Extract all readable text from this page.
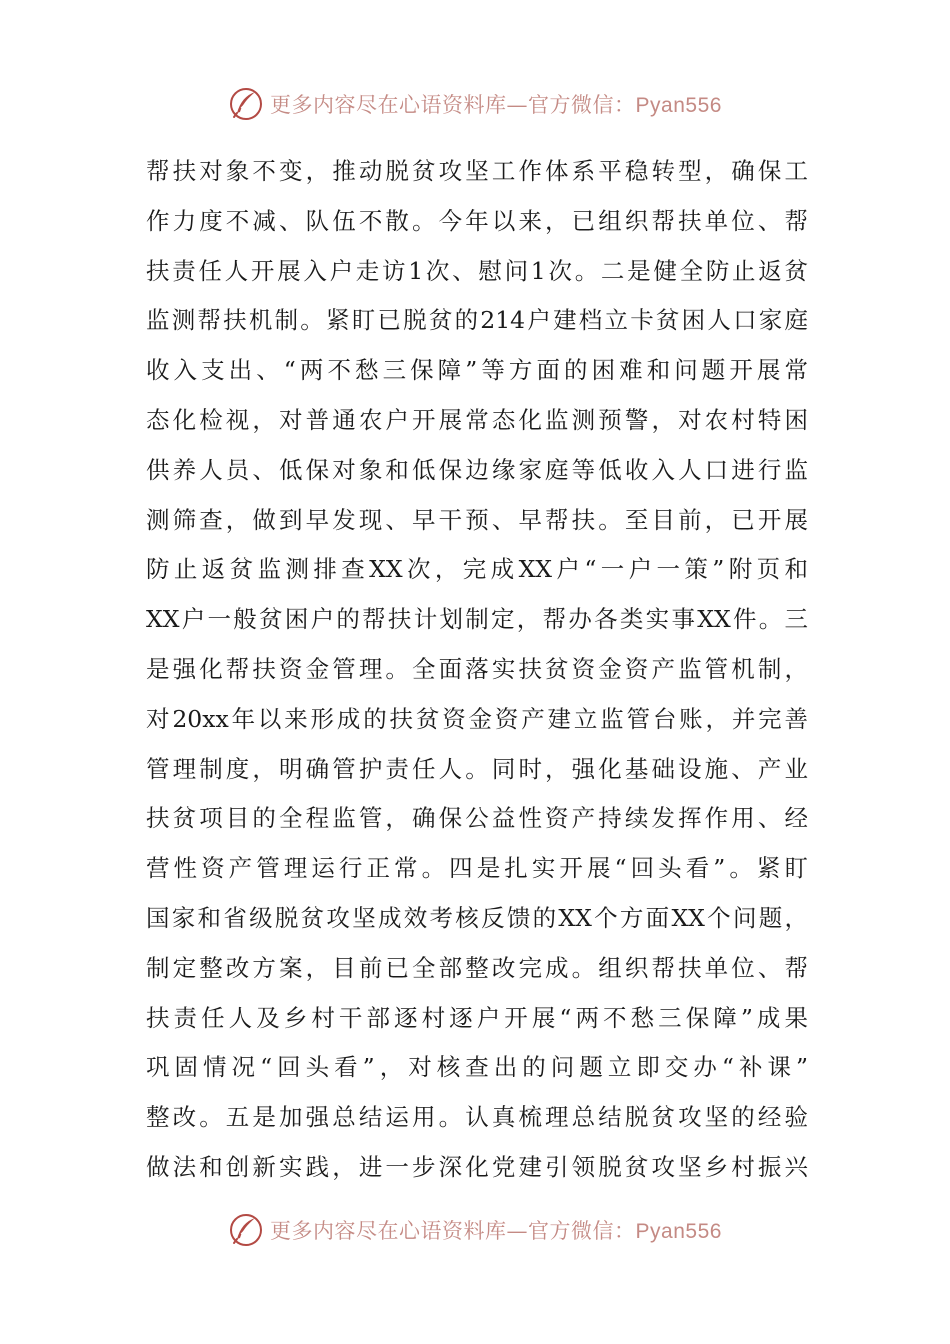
更多内容尽在心语资料库—官方微信：Pyan556
帮扶对象不变，推动脱贫攻坚工作体系平稳转型，确保工
作力度不减、队伍不散。今年以来，已组织帮扶单位、帮
扶责任人开展入户走访1次、慰问1次。二是健全防止返贫
监测帮扶机制。紧盯已脱贫的214户建档立卡贫困人口家庭
收入支出、“两不愁三保障”等方面的困难和问题开展常
态化检视，对普通农户开展常态化监测预警，对农村特困
供养人员、低保对象和低保边缘家庭等低收入人口进行监
测筛查，做到早发现、早干预、早帮扶。至目前，已开展
防止返贫监测排查XX次，完成XX户“一户一策”附页和
XX户一般贫困户的帮扶计划制定，帮办各类实事XX件。三
是强化帮扶资金管理。全面落实扶贫资金资产监管机制，
对20xx年以来形成的扶贫资金资产建立监管台账，并完善
管理制度，明确管护责任人。同时，强化基础设施、产业
扶贫项目的全程监管，确保公益性资产持续发挥作用、经
营性资产管理运行正常。四是扎实开展“回头看”。紧盯
国家和省级脱贫攻坚成效考核反馈的XX个方面XX个问题，
制定整改方案，目前已全部整改完成。组织帮扶单位、帮
扶责任人及乡村干部逐村逐户开展“两不愁三保障”成果
巩固情况“回头看”，对核查出的问题立即交办“补课”
整改。五是加强总结运用。认真梳理总结脱贫攻坚的经验
做法和创新实践，进一步深化党建引领脱贫攻坚乡村振兴
更多内容尽在心语资料库—官方微信：Pyan556
